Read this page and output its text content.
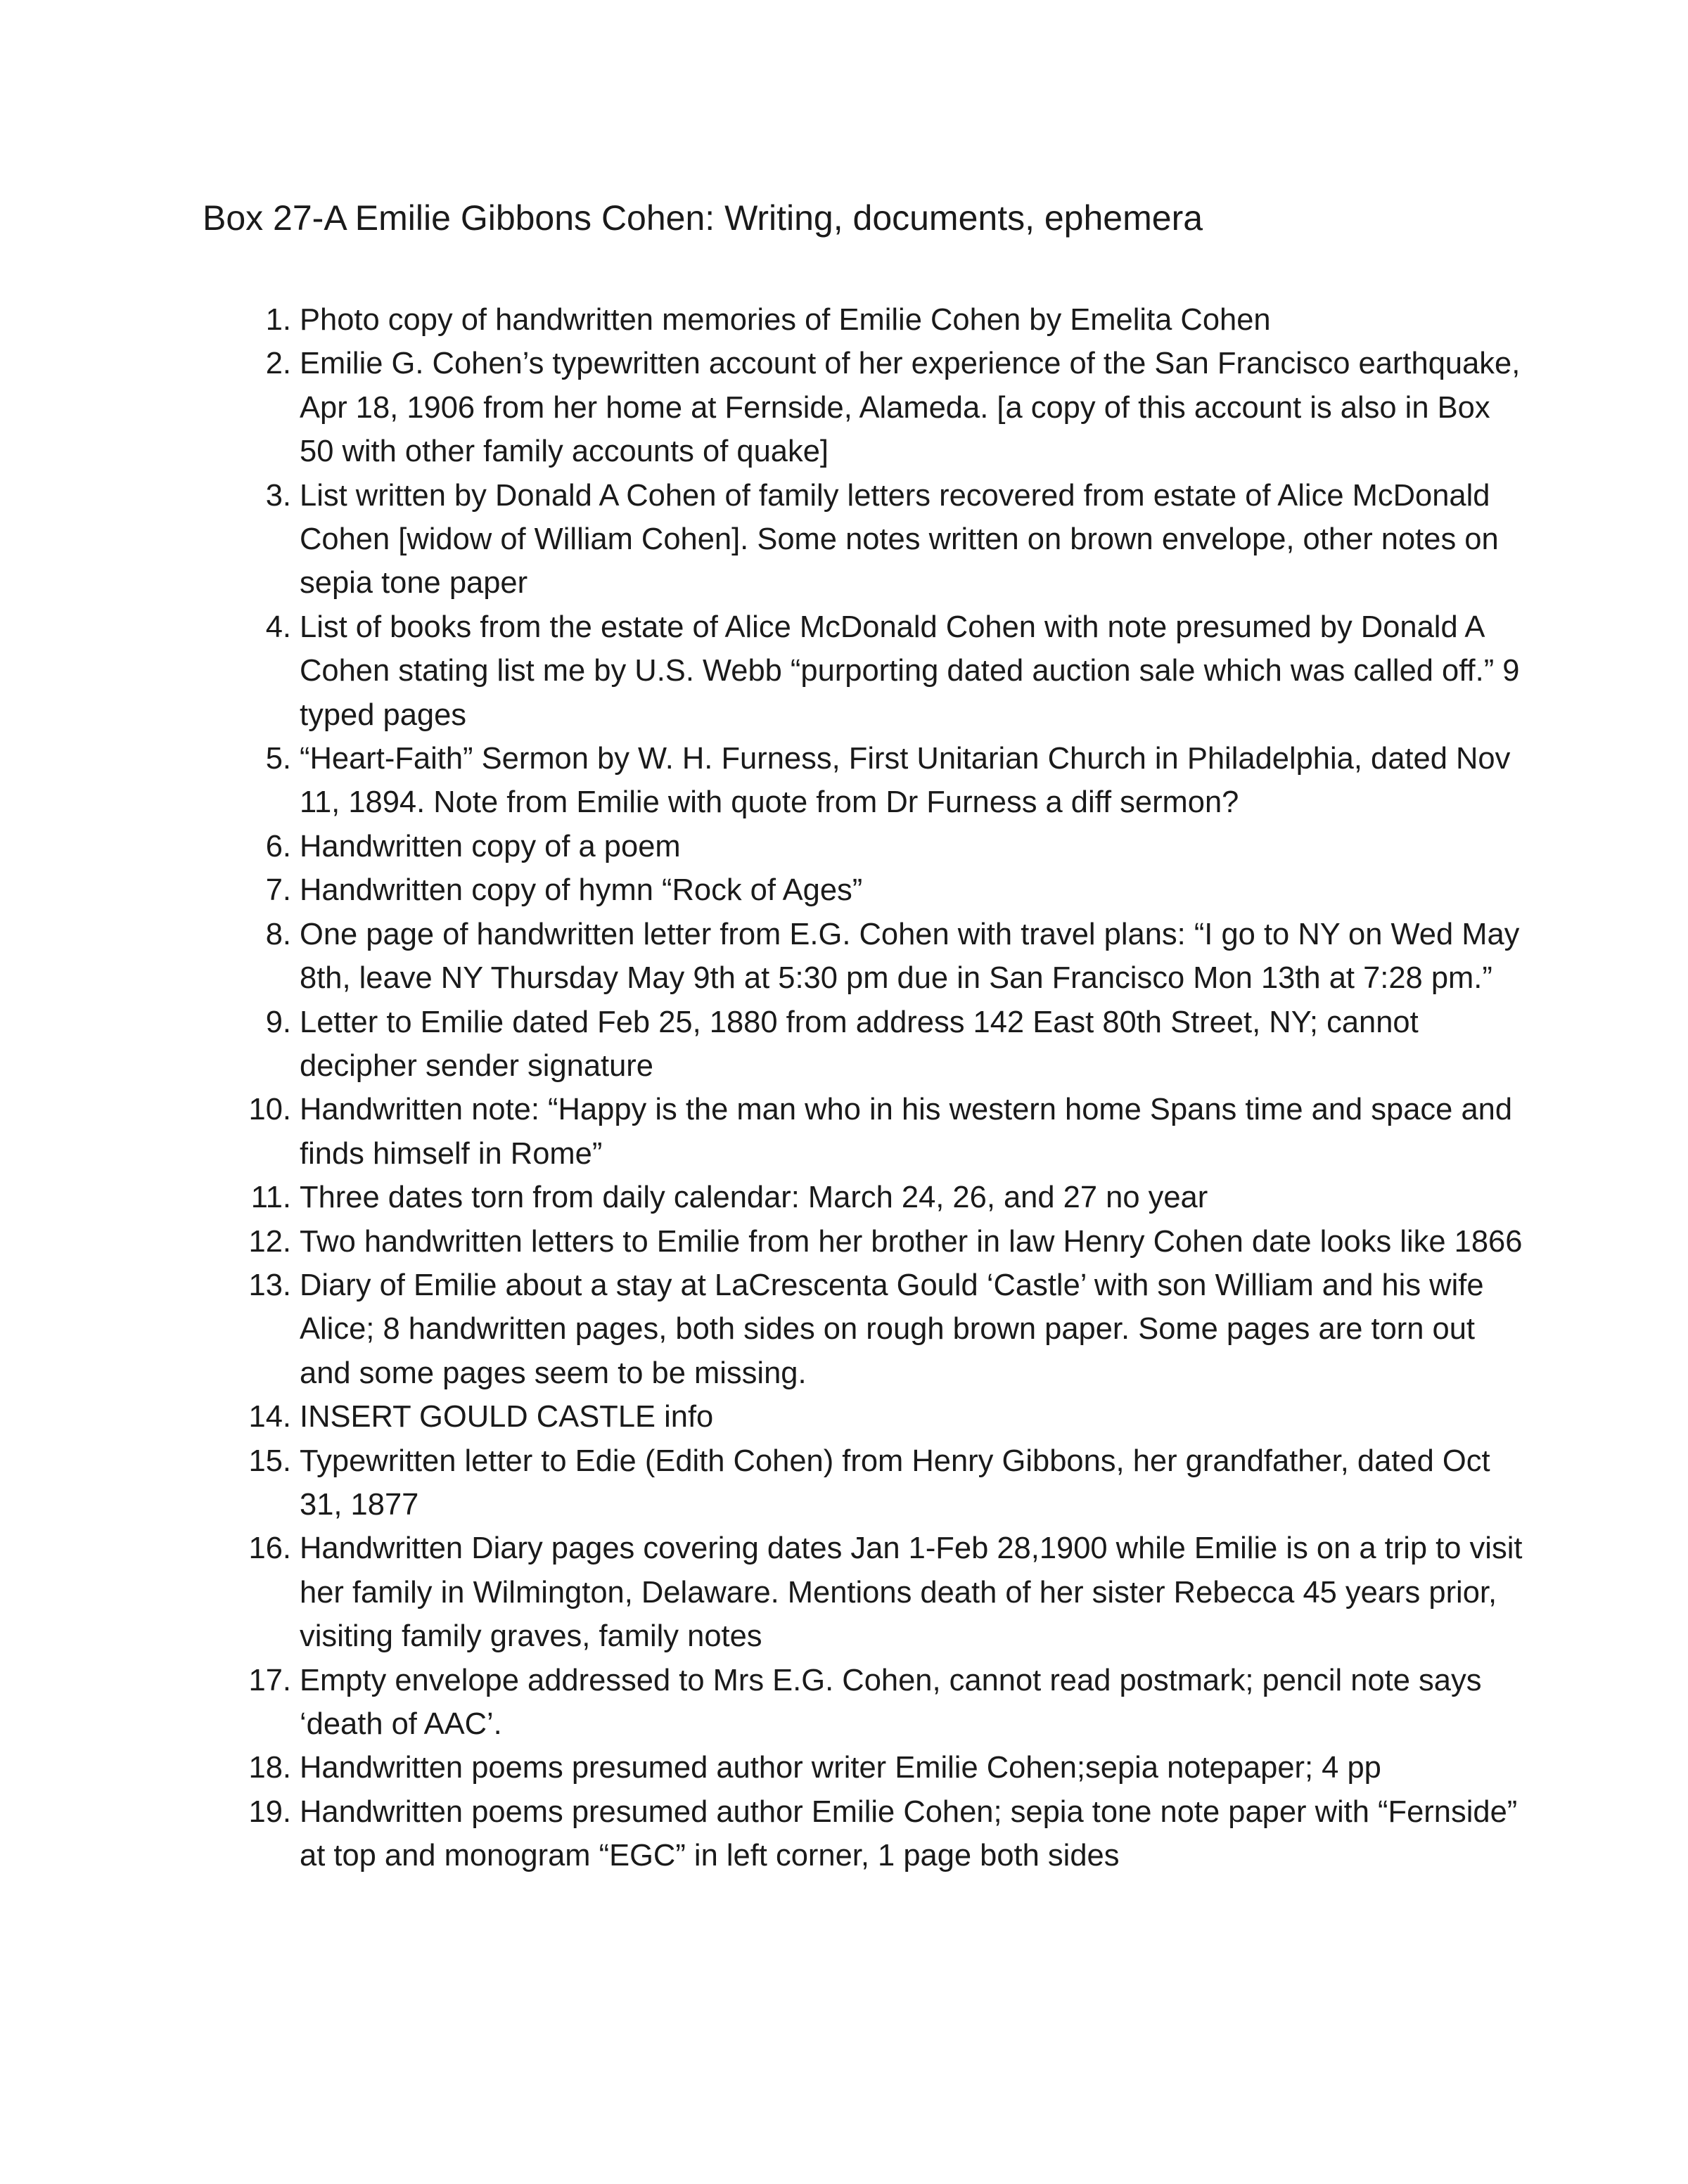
Box 27-A Emilie Gibbons Cohen: Writing, documents, ephemera
1. Photo copy of handwritten memories of Emilie Cohen by Emelita Cohen
2. Emilie G. Cohen’s typewritten account of her experience of the San Francisco earthquake, Apr 18, 1906 from her home at Fernside, Alameda. [a copy of this account is also in Box 50 with other family accounts of quake]
3. List written by Donald A Cohen of family letters recovered from estate of Alice McDonald Cohen [widow of William Cohen]. Some notes written on brown envelope, other notes on sepia tone paper
4. List of books from the estate of Alice McDonald Cohen with note presumed by Donald A Cohen stating list me by U.S. Webb “purporting dated auction sale which was called off.” 9 typed pages
5. “Heart-Faith” Sermon by W. H. Furness, First Unitarian Church in Philadelphia, dated Nov 11, 1894. Note from Emilie with quote from Dr Furness a diff sermon?
6. Handwritten copy of a poem
7. Handwritten copy of hymn “Rock of Ages”
8. One page of handwritten letter from E.G. Cohen with travel plans: “I go to NY on Wed May 8th, leave NY Thursday May 9th at 5:30 pm due in San Francisco Mon 13th at 7:28 pm.”
9. Letter to Emilie dated Feb 25, 1880 from address 142 East 80th Street, NY; cannot decipher sender signature
10. Handwritten note: “Happy is the man who in his western home Spans time and space and finds himself in Rome”
11. Three dates torn from daily calendar: March 24, 26, and 27 no year
12. Two handwritten letters to Emilie from her brother in law Henry Cohen date looks like 1866
13. Diary of Emilie about a stay at LaCrescenta Gould ‘Castle’ with son William and his wife Alice; 8 handwritten pages, both sides on rough brown paper. Some pages are torn out and some pages seem to be missing.
14. INSERT GOULD CASTLE info
15. Typewritten letter to Edie (Edith Cohen) from Henry Gibbons, her grandfather, dated Oct 31, 1877
16. Handwritten Diary pages covering dates Jan 1-Feb 28,1900 while Emilie is on a trip to visit her family in Wilmington, Delaware. Mentions death of her sister Rebecca 45 years prior, visiting family graves, family notes
17. Empty envelope addressed to Mrs E.G. Cohen, cannot read postmark; pencil note says ‘death of AAC’.
18. Handwritten poems presumed author writer Emilie Cohen;sepia notepaper; 4 pp
19. Handwritten poems presumed author Emilie Cohen; sepia tone note paper with “Fernside” at top and monogram “EGC” in left corner, 1 page both sides
